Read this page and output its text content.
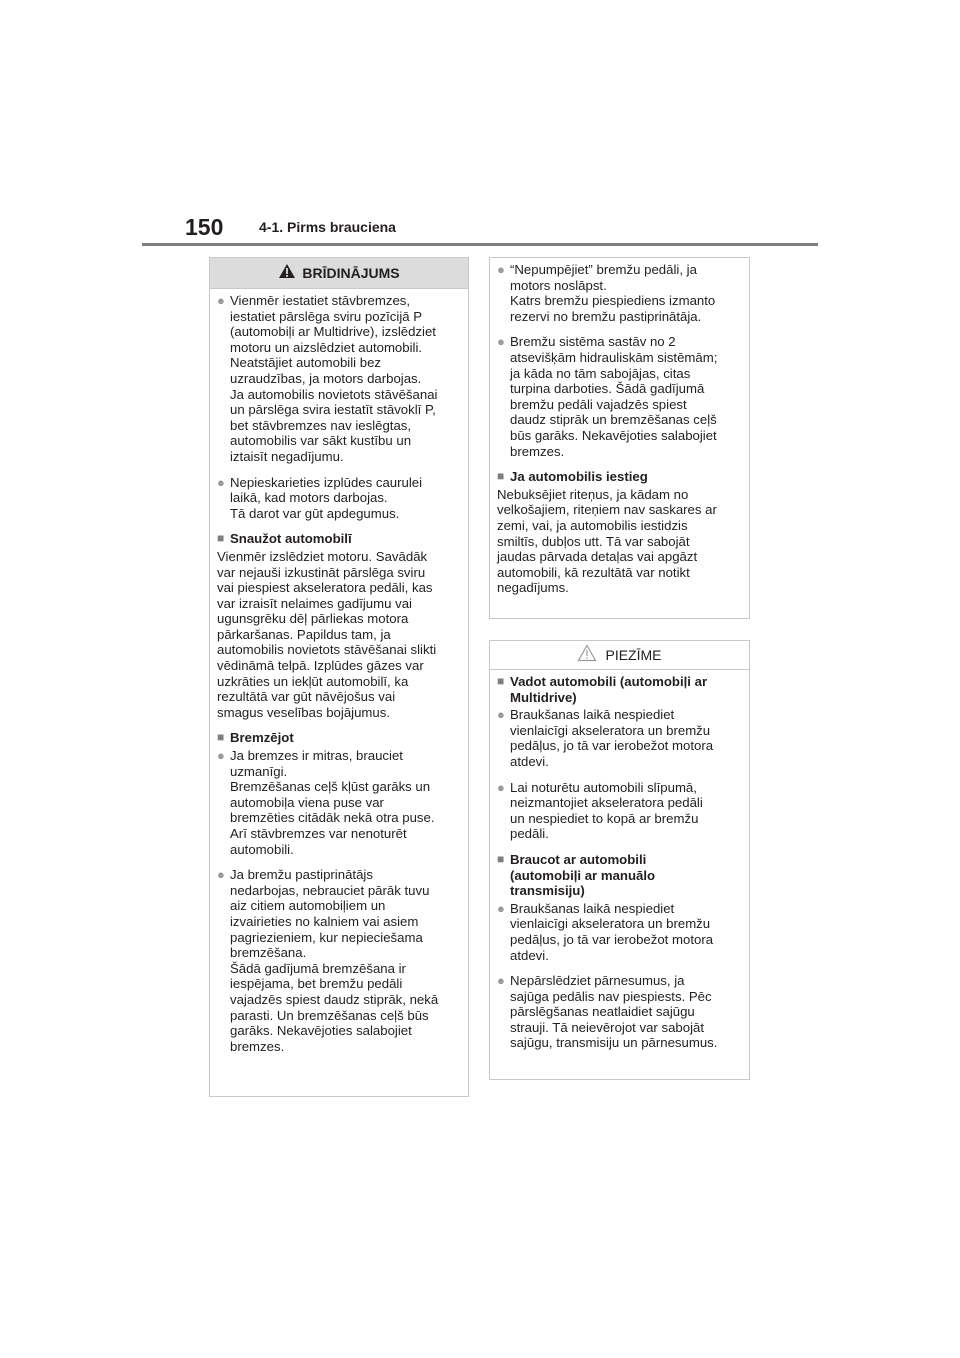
150	4-1. Pirms brauciena
BRĪDINĀJUMS
● Vienmēr iestatiet stāvbremzes,
iestatiet pārslēga sviru pozīcijā P
(automobiļi ar Multidrive), izslēdziet
motoru un aizslēdziet automobili.
Neatstājiet automobili bez
uzraudzības, ja motors darbojas.
Ja automobilis novietots stāvēšanai
un pārslēga svira iestatīt stāvoklī P,
bet stāvbremzes nav ieslēgtas,
automobilis var sākt kustību un
iztaisīt negadījumu.
● Nepieskarieties izplūdes caurulei
laikā, kad motors darbojas.
Tā darot var gūt apdegumus.
■ Snaužot automobilī
Vienmēr izslēdziet motoru. Savādāk
var nejauši izkustināt pārslēga sviru
vai piespiest akseleratora pedāli, kas
var izraisīt nelaimes gadījumu vai
ugunsgrēku dēļ pārliekas motora
pārkaršanas. Papildus tam, ja
automobilis novietots stāvēšanai slikti
vēdināmā telpā. Izplūdes gāzes var
uzkrāties un iekļūt automobilī, ka
rezultātā var gūt nāvējošus vai
smagus veselības bojājumus.
■ Bremzējot
● Ja bremzes ir mitras, brauciet
uzmanīgi.
Bremzēšanas ceļš kļūst garāks un
automobiļa viena puse var
bremzēties citādāk nekā otra puse.
Arī stāvbremzes var nenoturēt
automobili.
● Ja bremžu pastiprinātājs
nedarbojas, nebrauciet pārāk tuvu
aiz citiem automobiļiem un
izvairieties no kalniem vai asiem
pagriezieniem, kur nepieciešama
bremzēšana.
Šādā gadījumā bremzēšana ir
iespējama, bet bremžu pedāli
vajadzēs spiest daudz stiprāk, nekā
parasti. Un bremzēšanas ceļš būs
garāks. Nekavējoties salabojiet
bremzes.
● “Nepumpējiet” bremžu pedāli, ja
motors noslāpst.
Katrs bremžu piespiediens izmanto
rezervi no bremžu pastiprinātāja.
● Bremžu sistēma sastāv no 2
atsevišķām hidrauliskām sistēmām;
ja kāda no tām sabojājas, citas
turpina darboties. Šādā gadījumā
bremžu pedāli vajadzēs spiest
daudz stiprāk un bremzēšanas ceļš
būs garāks. Nekavējoties salabojiet
bremzes.
■ Ja automobilis iestieg
Nebuksējiet riteņus, ja kādam no
velkošajiem, riteņiem nav saskares ar
zemi, vai, ja automobilis iestidzis
smiltīs, dubļos utt. Tā var sabojāt
jaudas pārvada detaļas vai apgāzt
automobili, kā rezultātā var notikt
negadījums.
PIEZĪME
■ Vadot automobili (automobiļi ar
Multidrive)
● Braukšanas laikā nespiediet
vienlaicīgi akseleratora un bremžu
pedāļus, jo tā var ierobežot motora
atdevi.
● Lai noturētu automobili slīpumā,
neizmantojiet akseleratora pedāli
un nespiediet to kopā ar bremžu
pedāli.
■ Braucot ar automobili
(automobiļi ar manuālo
transmisiju)
● Braukšanas laikā nespiediet
vienlaicīgi akseleratora un bremžu
pedāļus, jo tā var ierobežot motora
atdevi.
● Nepārslēdziet pārnesumus, ja
sajūga pedālis nav piespiests. Pēc
pārslēgšanas neatlaidiet sajūgu
strauji. Tā neievērojot var sabojāt
sajūgu, transmisiju un pārnesumus.
